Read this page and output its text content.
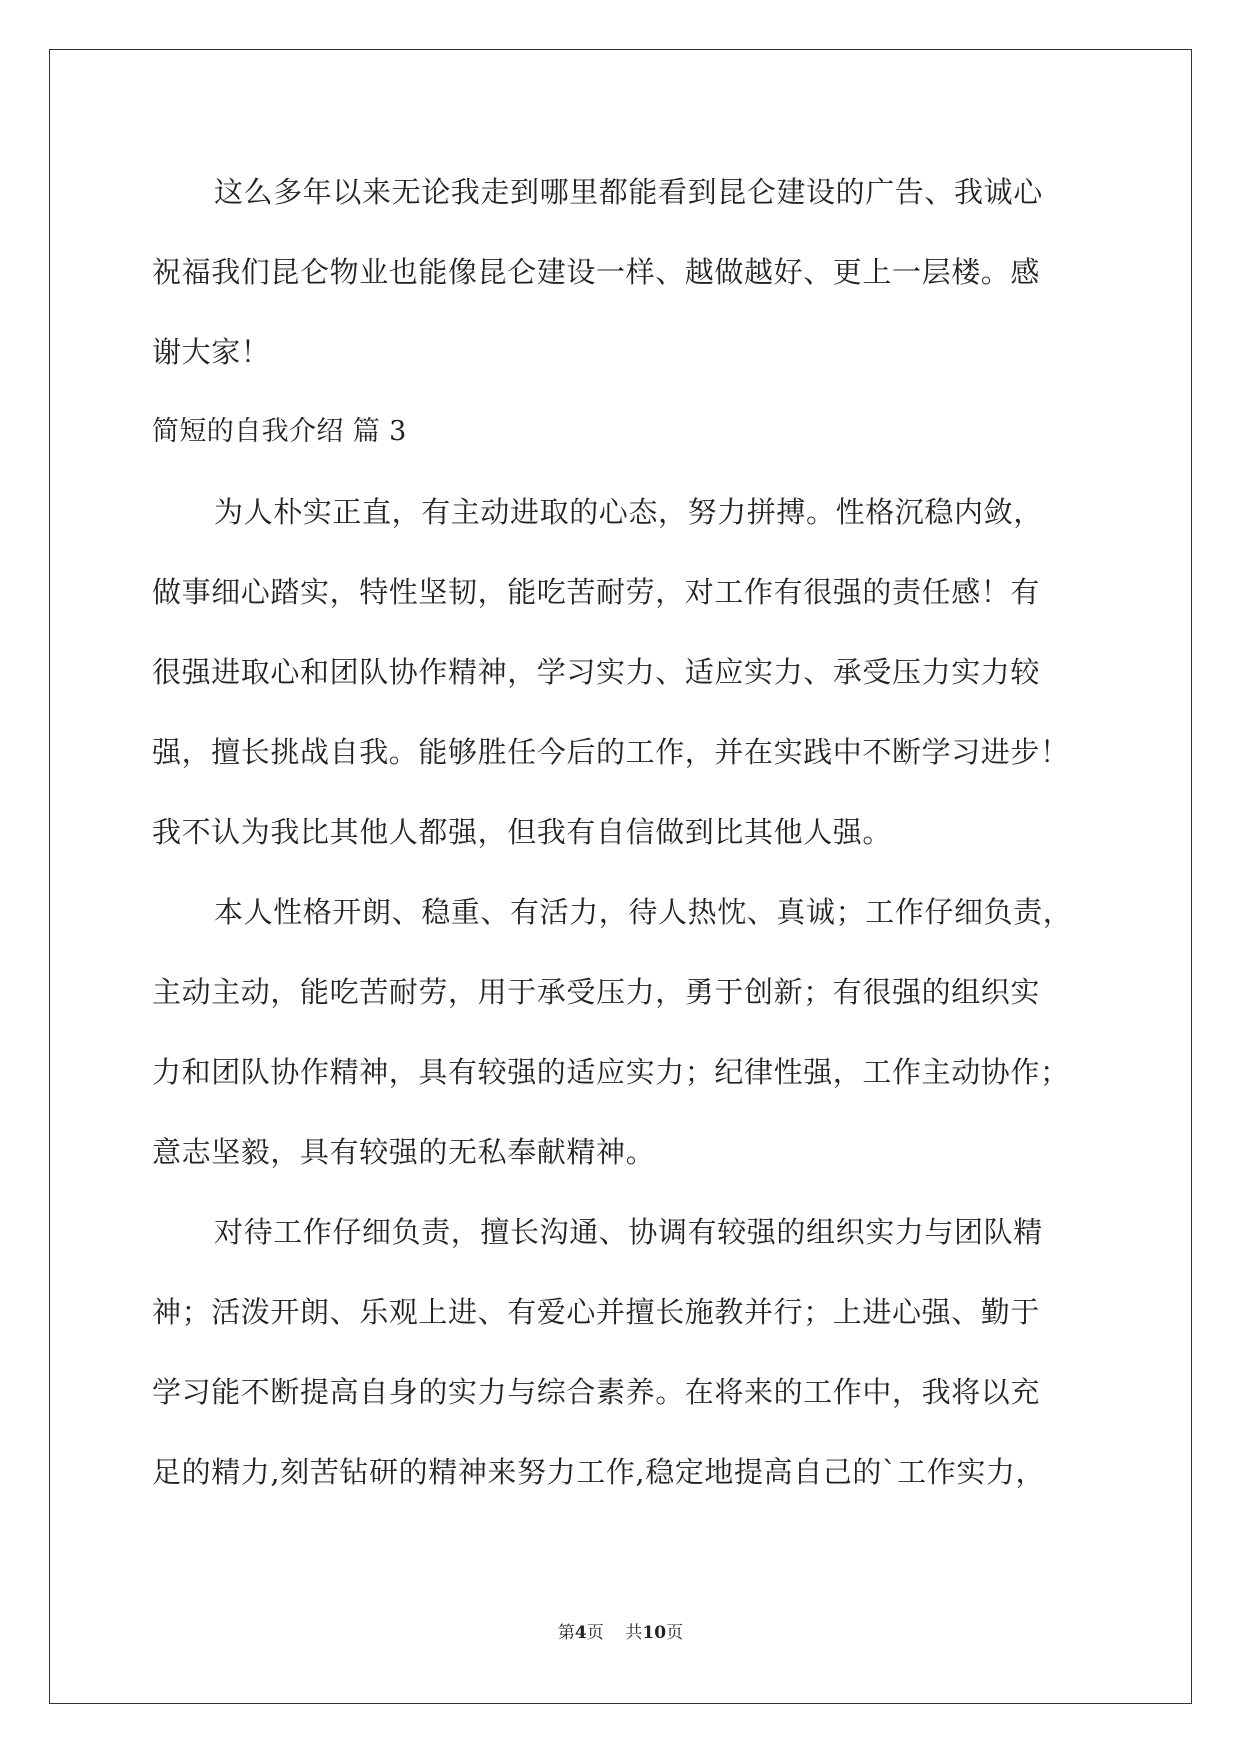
这么多年以来无论我走到哪里都能看到昆仑建设的广告、我诚心
祝福我们昆仑物业也能像昆仑建设一样、越做越好、更上一层楼。感
谢大家！
简短的自我介绍 篇 3
为人朴实正直，有主动进取的心态，努力拼搏。性格沉稳内敛，
做事细心踏实，特性坚韧，能吃苦耐劳，对工作有很强的责任感！有
很强进取心和团队协作精神，学习实力、适应实力、承受压力实力较
强，擅长挑战自我。能够胜任今后的工作，并在实践中不断学习进步！
我不认为我比其他人都强，但我有自信做到比其他人强。
本人性格开朗、稳重、有活力，待人热忱、真诚；工作仔细负责，
主动主动，能吃苦耐劳，用于承受压力，勇于创新；有很强的组织实
力和团队协作精神，具有较强的适应实力；纪律性强，工作主动协作；
意志坚毅，具有较强的无私奉献精神。
对待工作仔细负责，擅长沟通、协调有较强的组织实力与团队精
神；活泼开朗、乐观上进、有爱心并擅长施教并行；上进心强、勤于
学习能不断提高自身的实力与综合素养。在将来的工作中，我将以充
足的精力,刻苦钻研的精神来努力工作,稳定地提高自己的`工作实力，
第4页 共10页
